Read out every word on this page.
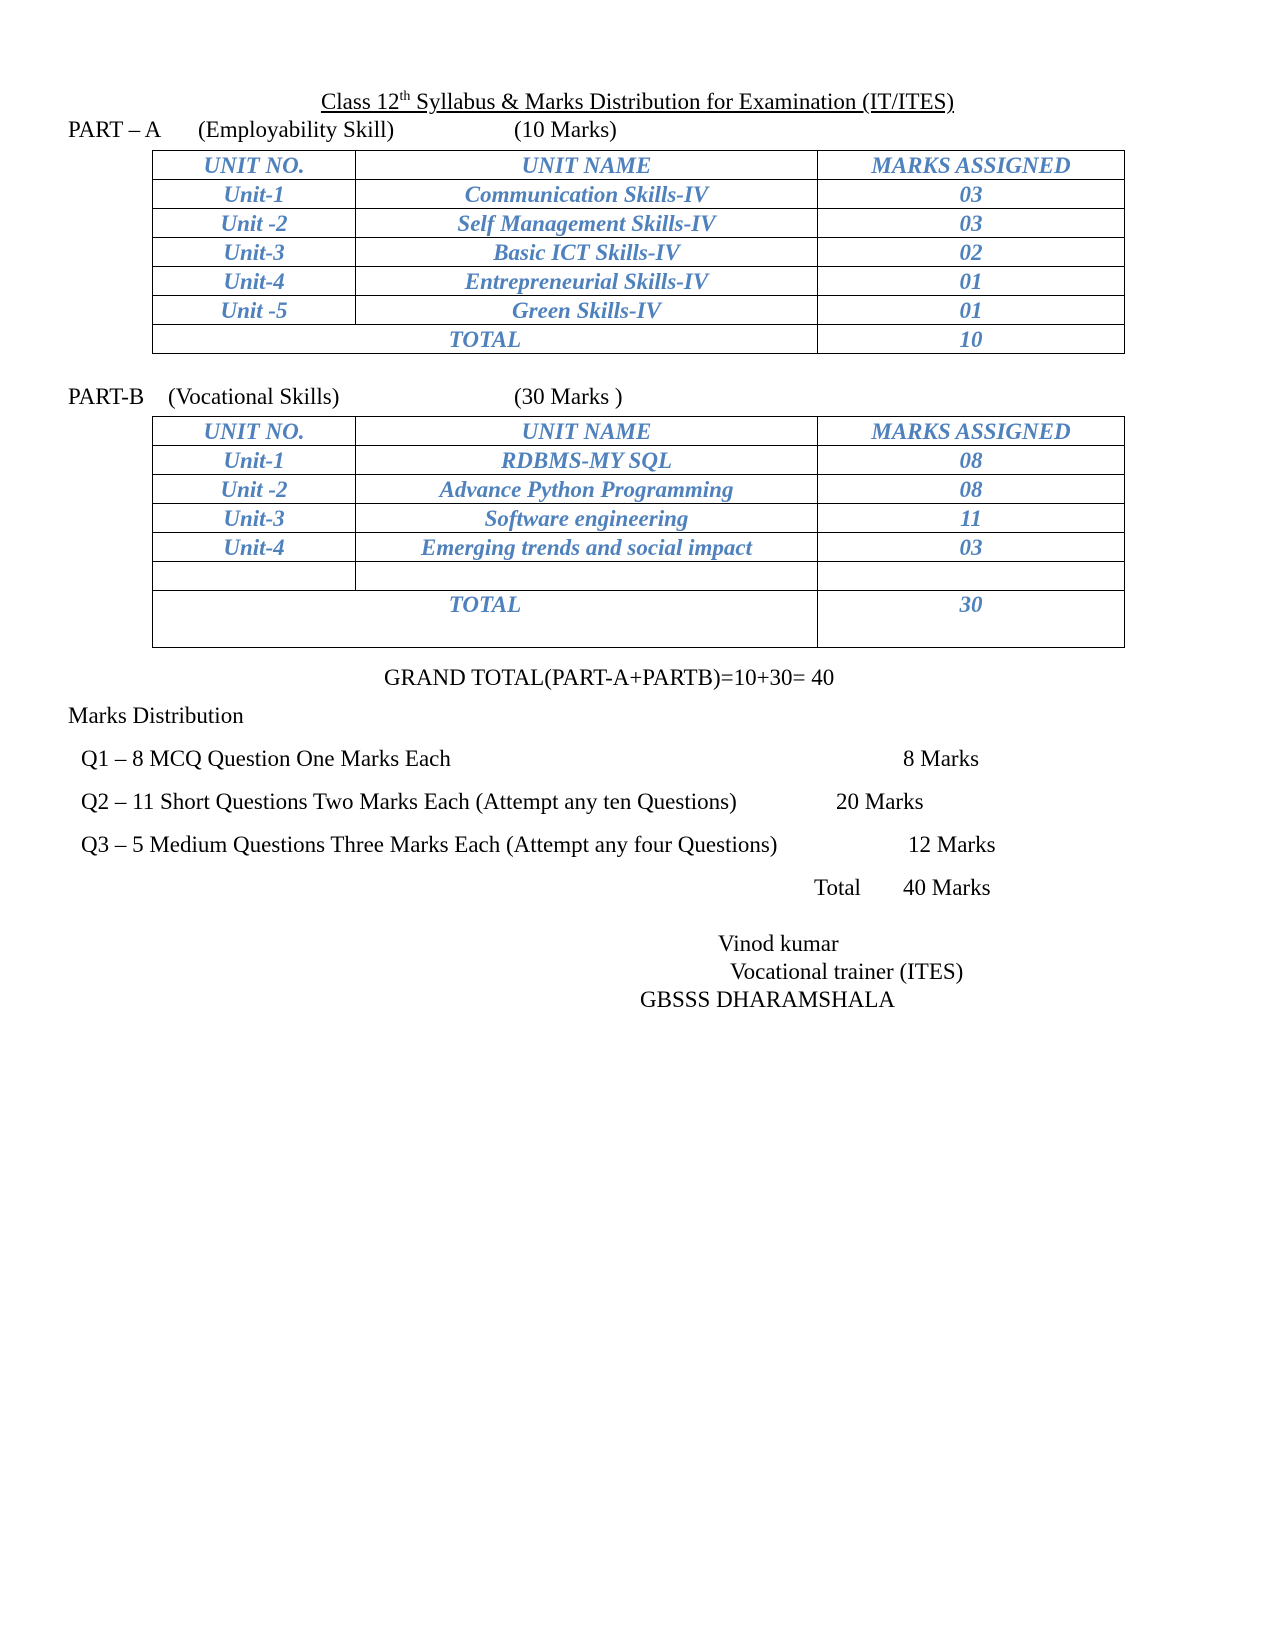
Class 12th Syllabus & Marks Distribution for Examination (IT/ITES)
PART – A (Employability Skill)	(10 Marks)
UNIT NO.	UNIT NAME	MARKS ASSIGNED
Unit-1	Communication Skills-IV	03
Unit -2	Self Management Skills-IV	03
Unit-3	Basic ICT Skills-IV	02
Unit-4	Entrepreneurial Skills-IV	01
Unit -5	Green Skills-IV	01
TOTAL		10
PART-B (Vocational Skills)	(30 Marks )
UNIT NO.	UNIT NAME	MARKS ASSIGNED
Unit-1	RDBMS-MY SQL	08
Unit -2	Advance Python Programming	08
Unit-3	Software engineering	11
Unit-4	Emerging trends and social impact	03

TOTAL		30
GRAND TOTAL(PART-A+PARTB)=10+30= 40
Marks Distribution
Q1 – 8 MCQ Question One Marks Each	8 Marks
Q2 – 11 Short Questions Two Marks Each (Attempt any ten Questions)	20 Marks
Q3 – 5 Medium Questions Three Marks Each (Attempt any four Questions)	12 Marks
Total 40 Marks
Vinod kumar
Vocational trainer (ITES)
GBSSS DHARAMSHALA
